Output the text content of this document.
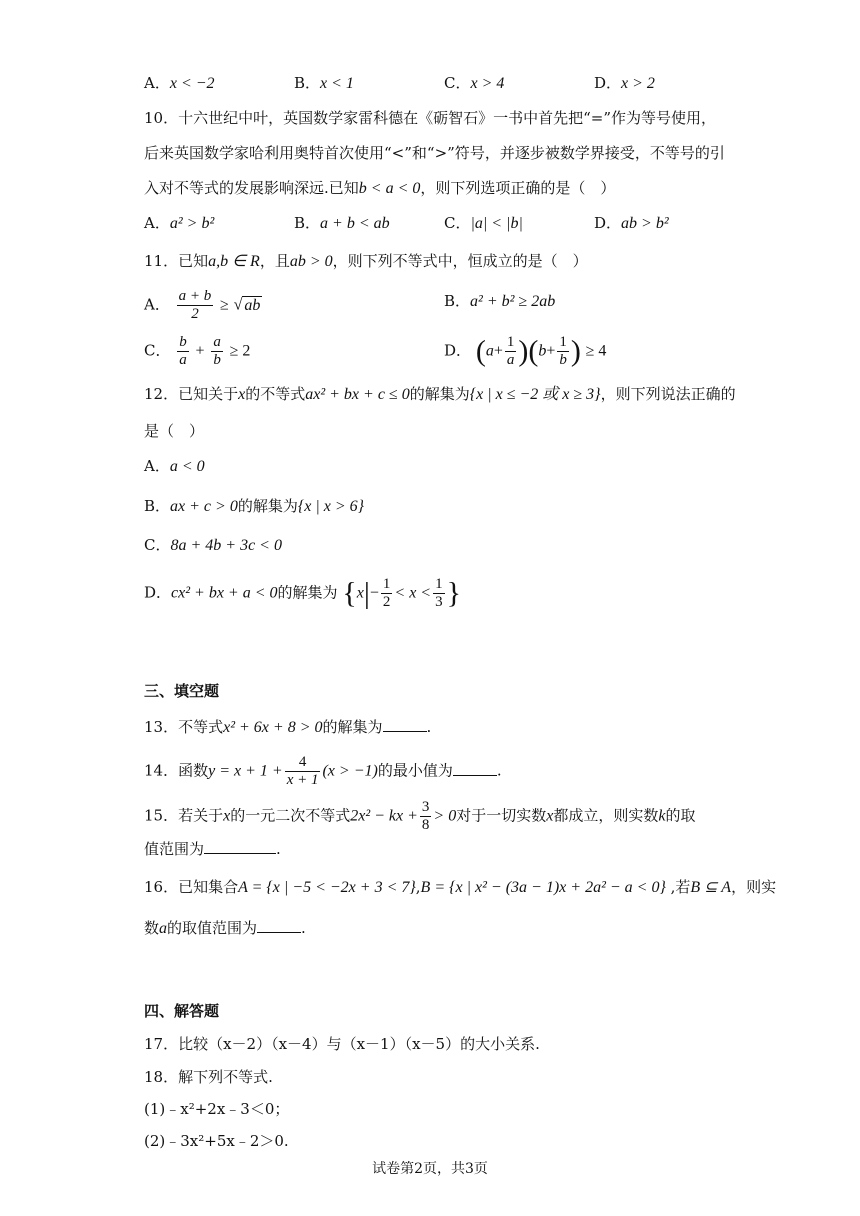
A．x < −2	B．x < 1	C．x > 4	D．x > 2
10．十六世纪中叶，英国数学家雷科德在《砺智石》一书中首先把“=”作为等号使用，
后来英国数学家哈利用奥特首次使用“<”和“>”符号，并逐步被数学界接受，不等号的引
入对不等式的发展影响深远.已知b < a < 0，则下列选项正确的是（　）
A．a² > b²	B．a + b < ab	C．|a| < |b|	D．ab > b²
11．已知a,b ∈ R，且ab > 0，则下列不等式中，恒成立的是（　）
A． $\frac{a + b}{2}$ ≥ √ ab	B．a² + b² ≥ 2ab
C． $\frac{b}{a} + \frac{a}{b} \ge 2$	D． $(a+ \frac{1}{a} )(b+ \frac{1}{b}$ ) ≥ 4
12．已知关于x的不等式ax² + bx + c ≤ 0的解集为{x | x ≤ −2 或 x ≥ 3}，则下列说法正确的
是（　）
A．a < 0
B．ax + c > 0的解集为{x | x > 6}
C．8a + 4b + 3c < 0
D．cx² + bx + a < 0的解集为 {$x|- \frac{1}{2} < x < \frac{1}{3}$ }
三、填空题
13．不等式x² + 6x + 8 > 0的解集为	.
14．函数$y = x + 1 + \frac{4}{x + 1} (x > -1)$的最小值为	.
15．若关于x的一元二次不等式2x² − kx + $\frac{3}{8} > 0$对于一切实数x都成立，则实数k的取
值范围为	.
16．已知集合A = {x | −5 < −2x + 3 < 7},B = {x | x² − (3a − 1)x + 2a² − a < 0} ,若B ⊆ A，则实
数a的取值范围为	.
四、解答题
17．比较（x－2）（x－4）与（x－1）（x－5）的大小关系.
18．解下列不等式.
(1)﹣x²+2x﹣3＜0；
(2)﹣3x²+5x﹣2＞0.
试卷第2页，共3页
